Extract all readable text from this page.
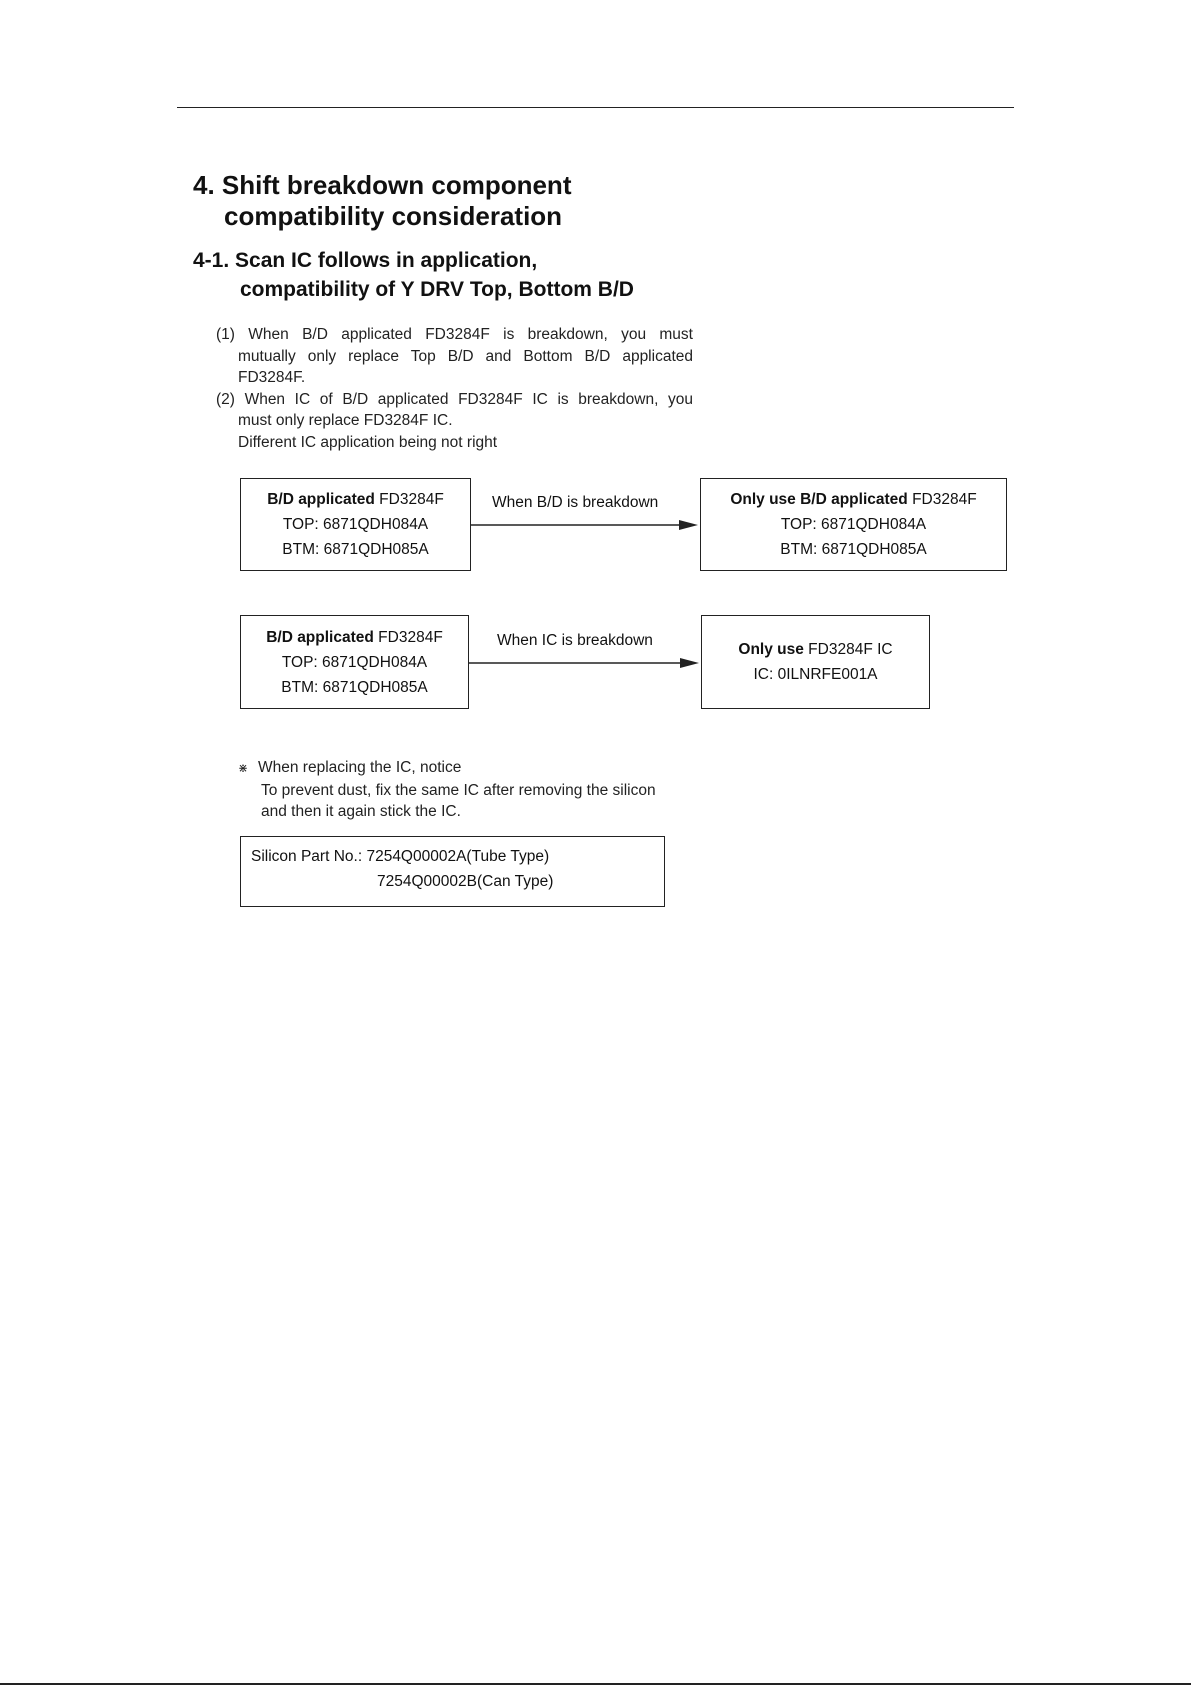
4. Shift breakdown component
compatibility consideration
4-1. Scan IC follows in application,
compatibility of Y DRV Top, Bottom B/D
(1) When B/D applicated FD3284F is breakdown, you must
mutually only replace Top B/D and Bottom B/D applicated
FD3284F.
(2) When IC of B/D applicated FD3284F IC is breakdown, you
must only replace FD3284F IC.
Different IC application being not right
B/D applicated FD3284F
TOP: 6871QDH084A
BTM: 6871QDH085A
When B/D is breakdown	Only use B/D applicated FD3284F
TOP: 6871QDH084A
BTM: 6871QDH085A
B/D applicated FD3284F
TOP: 6871QDH084A
BTM: 6871QDH085A
When IC is breakdown
Only use FD3284F IC
IC: 0ILNRFE001A
⋇ When replacing the IC, notice
To prevent dust, fix the same IC after removing the silicon
and then it again stick the IC.
Silicon Part No.: 7254Q00002A(Tube Type)
7254Q00002B(Can Type)
